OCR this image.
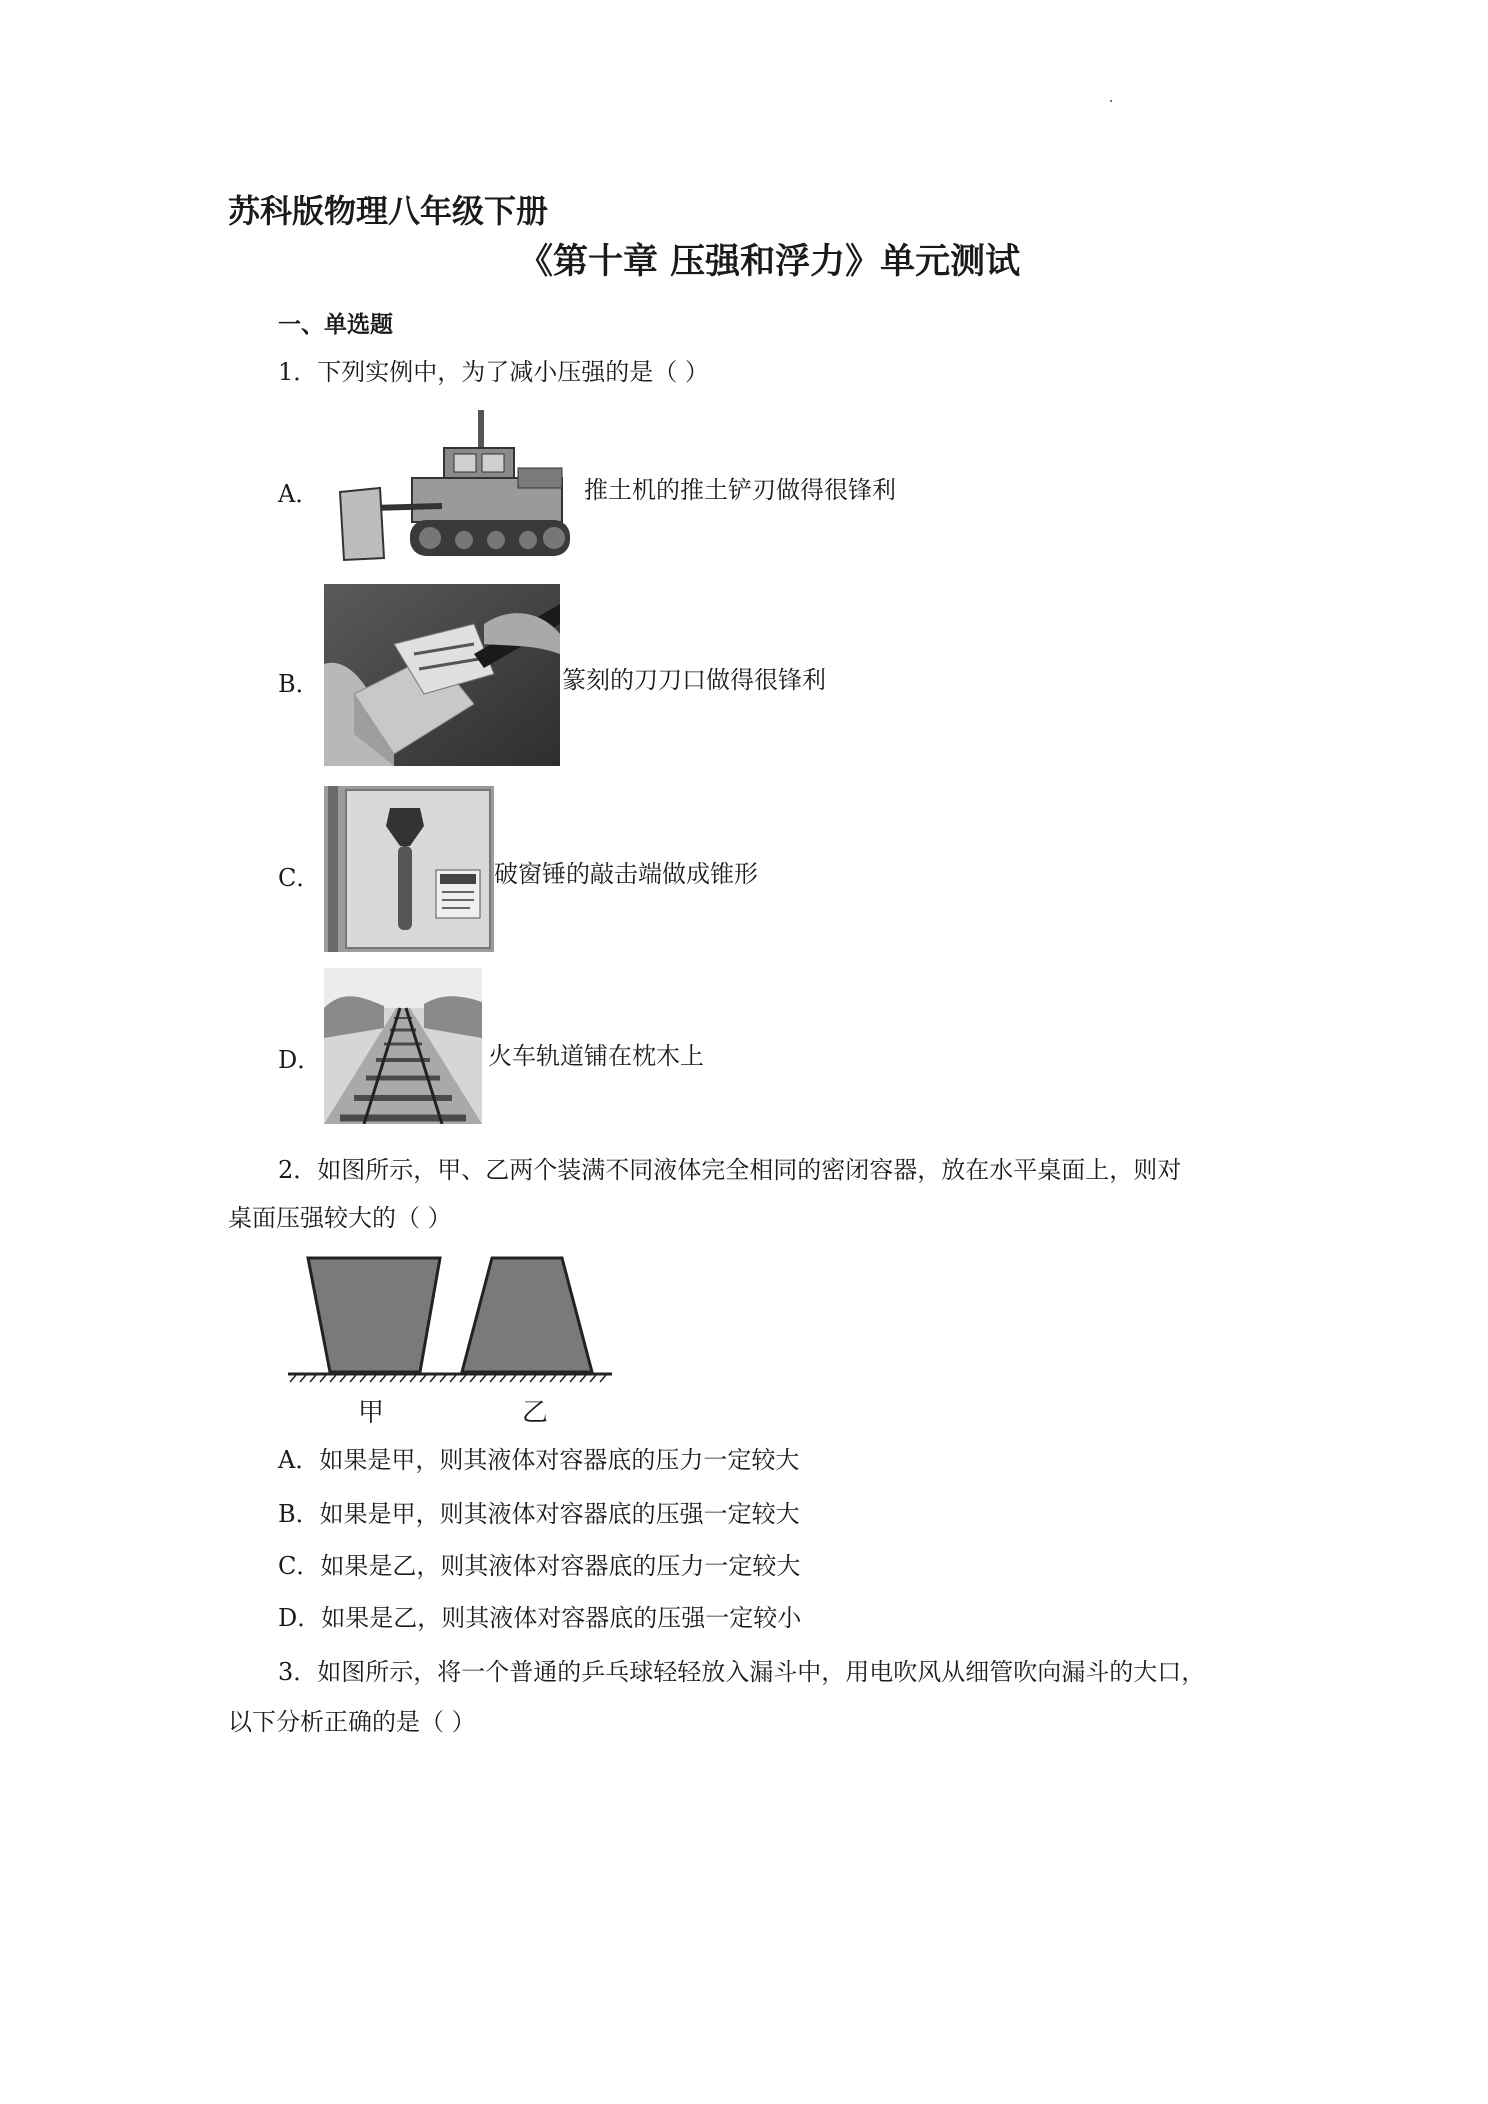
苏科版物理八年级下册
《第十章 压强和浮力》单元测试
一、单选题
1．下列实例中，为了减小压强的是（ ）
A．	推土机的推土铲刃做得很锋利
B．	篆刻的刀刀口做得很锋利
C．	破窗锤的敲击端做成锥形
D．	火车轨道铺在枕木上
2．如图所示，甲、乙两个装满不同液体完全相同的密闭容器，放在水平桌面上，则对
桌面压强较大的（ ）
甲	乙
A．如果是甲，则其液体对容器底的压力一定较大
B．如果是甲，则其液体对容器底的压强一定较大
C．如果是乙，则其液体对容器底的压力一定较大
D．如果是乙，则其液体对容器底的压强一定较小
3．如图所示，将一个普通的乒乓球轻轻放入漏斗中，用电吹风从细管吹向漏斗的大口，
以下分析正确的是（ ）
